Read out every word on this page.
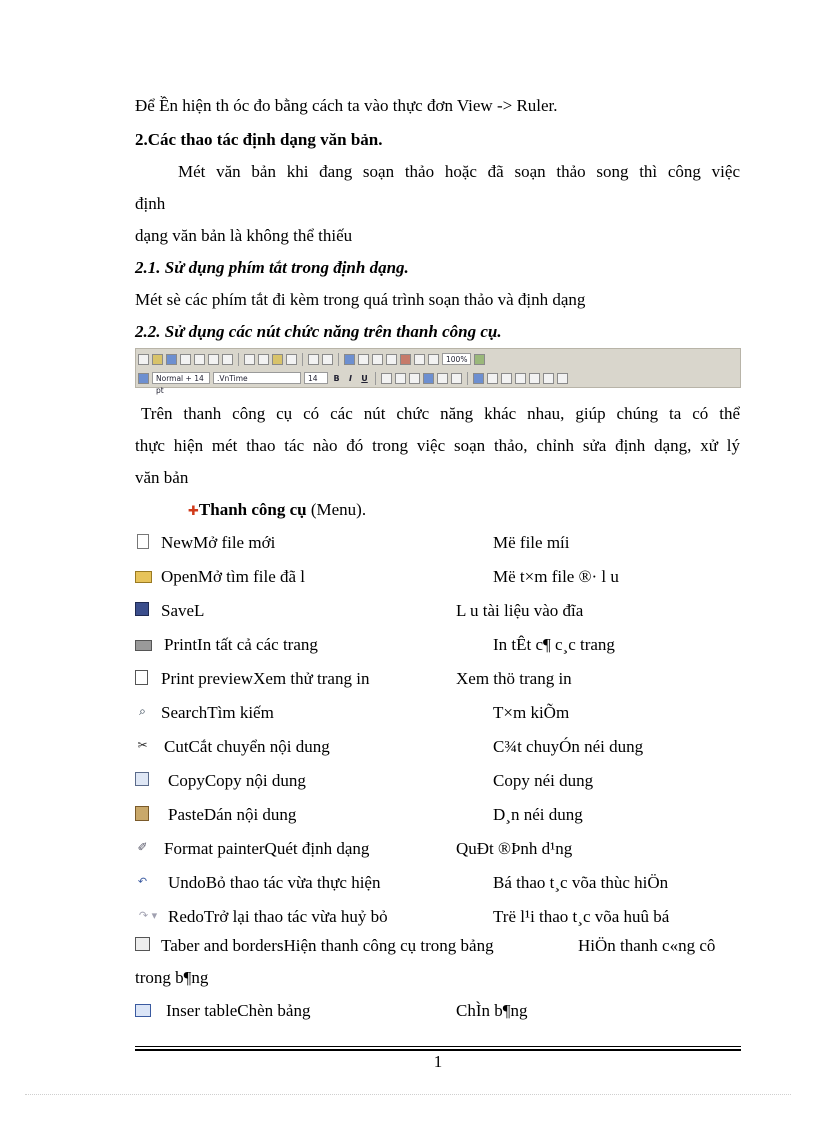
Để Ền hiện th óc đo bằng cách ta vào thực đơn View -> Ruler.
2.Các thao tác định dạng văn bản.
Mét văn bản khi đang soạn thảo hoặc đã soạn thảo song thì công việc
định
dạng văn bản là không thể thiếu
2.1. Sử dụng phím tắt trong định dạng.
Mét sè các phím tắt đi kèm trong quá trình soạn thảo và định dạng
2.2. Sử dụng các nút chức năng trên thanh công cụ.
100%
Normal + 14 pt
.VnTime	14	B	I	U
Trên thanh công cụ có các nút chức năng khác nhau, giúp chúng ta có thể
thực hiện mét thao tác nào đó trong việc soạn thảo, chỉnh sửa định dạng, xử lý
văn bản
✚Thanh công cụ (Menu).
NewMở file mới	Më file míi
OpenMở tìm file đã l	Më t×m file ®· l u
SaveL	L u tài liệu vào đĩa
PrintIn tất cả các trang	In tÊt c¶ c¸c trang
Print previewXem thử trang in	Xem thö trang in
⌕ SearchTìm kiếm	T×m kiÕm
✂ CutCắt chuyển nội dung	C¾t chuyÓn néi dung
CopyCopy nội dung	Copy néi dung
PasteDán nội dung	D¸n néi dung
✐ Format painterQuét định dạng	QuÐt ®Þnh d¹ng
↶ UndoBỏ thao tác vừa thực hiện	Bá thao t¸c võa thùc hiÖn
↷ ▾ RedoTrở lại thao tác vừa huỷ bỏ	Trë l¹i thao t¸c võa huû bá
Taber and bordersHiện thanh công cụ trong bảng	HiÖn thanh c«ng cô
trong b¶ng
Inser tableChèn bảng	ChÌn b¶ng
1
